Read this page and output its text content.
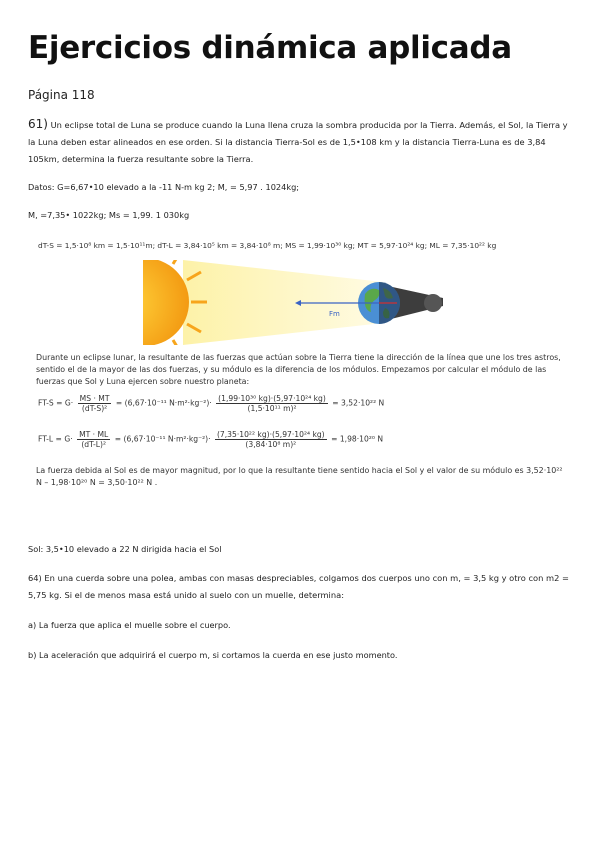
Ejercicios dinámica aplicada
Página 118

61) Un eclipse total de Luna se produce cuando la Luna llena cruza la sombra producida por la Tierra. Además, el Sol, la Tierra y la Luna deben estar alineados en ese orden. Si la distancia Tierra-Sol es de 1,5•108 km y la distancia Tierra-Luna es de 3,84 105km, determina la fuerza resultante sobre la Tierra.

Datos: G=6,67•10 elevado a la -11 N-m kg 2; M, = 5,97 . 1024kg;
M, =7,35• 1022kg; Ms = 1,99. 1 030kg
dT-S = 1,5·10⁸ km = 1,5·10¹¹m; dT-L = 3,84·10⁵ km = 3,84·10⁸ m; MS = 1,99·10³⁰ kg; MT = 5,97·10²⁴ kg; ML = 7,35·10²² kg
Fm

Durante un eclipse lunar, la resultante de las fuerzas que actúan sobre la Tierra tiene la dirección de la línea que une los tres astros, sentido el de la mayor de las dos fuerzas, y su módulo es la diferencia de los módulos. Empezamos por calcular el módulo de las fuerzas que Sol y Luna ejercen sobre nuestro planeta:

$FT-S = G\cdot \frac{MS \cdot MT}{\text{(dT-S)²}} = (6,67\cdot 10^{-11}$ $N\cdot m^2\cdot kg^{-2})\cdot \frac{\text{(1,99·10³⁰ kg)·(5,97·10²⁴ kg)}}{\text{(1,5·10¹¹ m)²}} = 3,52\cdot 10^{22}$ N
$FT-L = G\cdot \frac{MT \cdot ML}{\text{(dT-L)²}} = (6,67\cdot 10^{-11}$ $N\cdot m^2\cdot kg^{-2})\cdot \frac{\text{(7,35·10²² kg)·(5,97·10²⁴ kg)}}{\text{(3,84·10⁸ m)²}} = 1,98\cdot 10^{20}$ N

La fuerza debida al Sol es de mayor magnitud, por lo que la resultante tiene sentido hacia el Sol y el valor de su módulo es 3,52·10²² N – 1,98·10²⁰ N = 3,50·10²² N .

Sol: 3,5•10 elevado a 22 N dirigida hacia el Sol

64) En una cuerda sobre una polea, ambas con masas despreciables, colgamos dos cuerpos uno con m, = 3,5 kg y otro con m2 = 5,75 kg. Si el de menos masa está unido al suelo con un muelle, determina:

a) La fuerza que aplica el muelle sobre el cuerpo.
b) La aceleración que adquirirá el cuerpo m, si cortamos la cuerda en ese justo momento.
